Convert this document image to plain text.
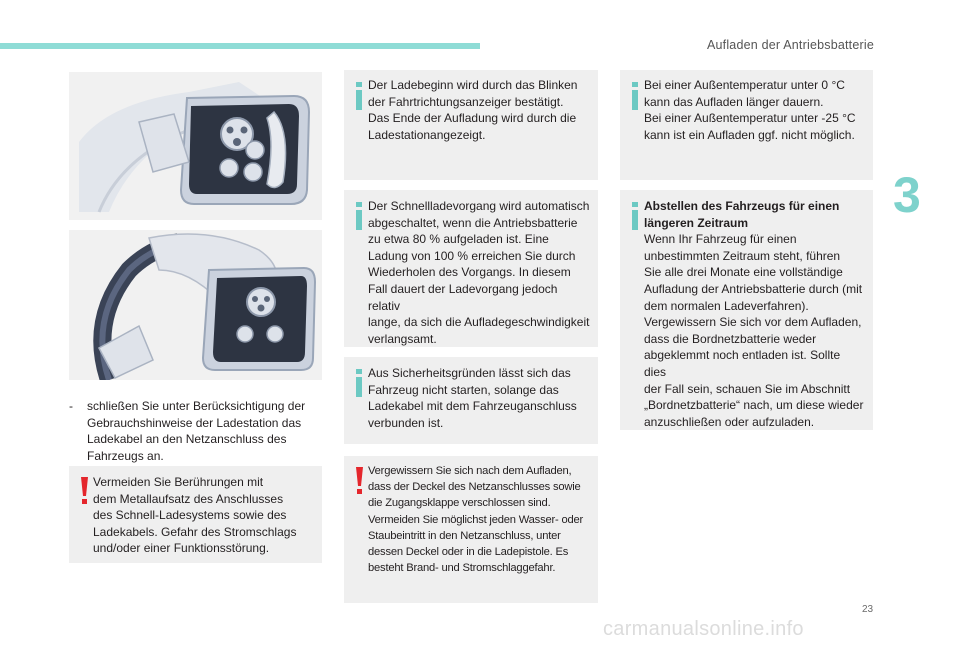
Aufladen der Antriebsbatterie
3
- schließen Sie unter Berücksichtigung der
Gebrauchshinweise der Ladestation das
Ladekabel an den Netzanschluss des
Fahrzeugs an.
Vermeiden Sie Berührungen mit
dem Metallaufsatz des Anschlusses
des Schnell-Ladesystems sowie des
Ladekabels. Gefahr des Stromschlags
und/oder einer Funktionsstörung.
Der Ladebeginn wird durch das Blinken
der Fahrtrichtungsanzeiger bestätigt.
Das Ende der Aufladung wird durch die
Ladestationangezeigt.
Der Schnellladevorgang wird automatisch
abgeschaltet, wenn die Antriebsbatterie
zu etwa 80 % aufgeladen ist. Eine
Ladung von 100 % erreichen Sie durch
Wiederholen des Vorgangs. In diesem
Fall dauert der Ladevorgang jedoch relativ
lange, da sich die Aufladegeschwindigkeit
verlangsamt.
Aus Sicherheitsgründen lässt sich das
Fahrzeug nicht starten, solange das
Ladekabel mit dem Fahrzeuganschluss
verbunden ist.
Vergewissern Sie sich nach dem Aufladen,
dass der Deckel des Netzanschlusses sowie
die Zugangsklappe verschlossen sind.
Vermeiden Sie möglichst jeden Wasser- oder
Staubeintritt in den Netzanschluss, unter
dessen Deckel oder in die Ladepistole. Es
besteht Brand- und Stromschlaggefahr.
Bei einer Außentemperatur unter 0 °C
kann das Aufladen länger dauern.
Bei einer Außentemperatur unter -25 °C
kann ist ein Aufladen ggf. nicht möglich.
Abstellen des Fahrzeugs für einen
längeren Zeitraum
Wenn Ihr Fahrzeug für einen
unbestimmten Zeitraum steht, führen
Sie alle drei Monate eine vollständige
Aufladung der Antriebsbatterie durch (mit
dem normalen Ladeverfahren).
Vergewissern Sie sich vor dem Aufladen,
dass die Bordnetzbatterie weder
abgeklemmt noch entladen ist. Sollte dies
der Fall sein, schauen Sie im Abschnitt
„Bordnetzbatterie“ nach, um diese wieder
anzuschließen oder aufzuladen.
23
carmanualsonline.info
